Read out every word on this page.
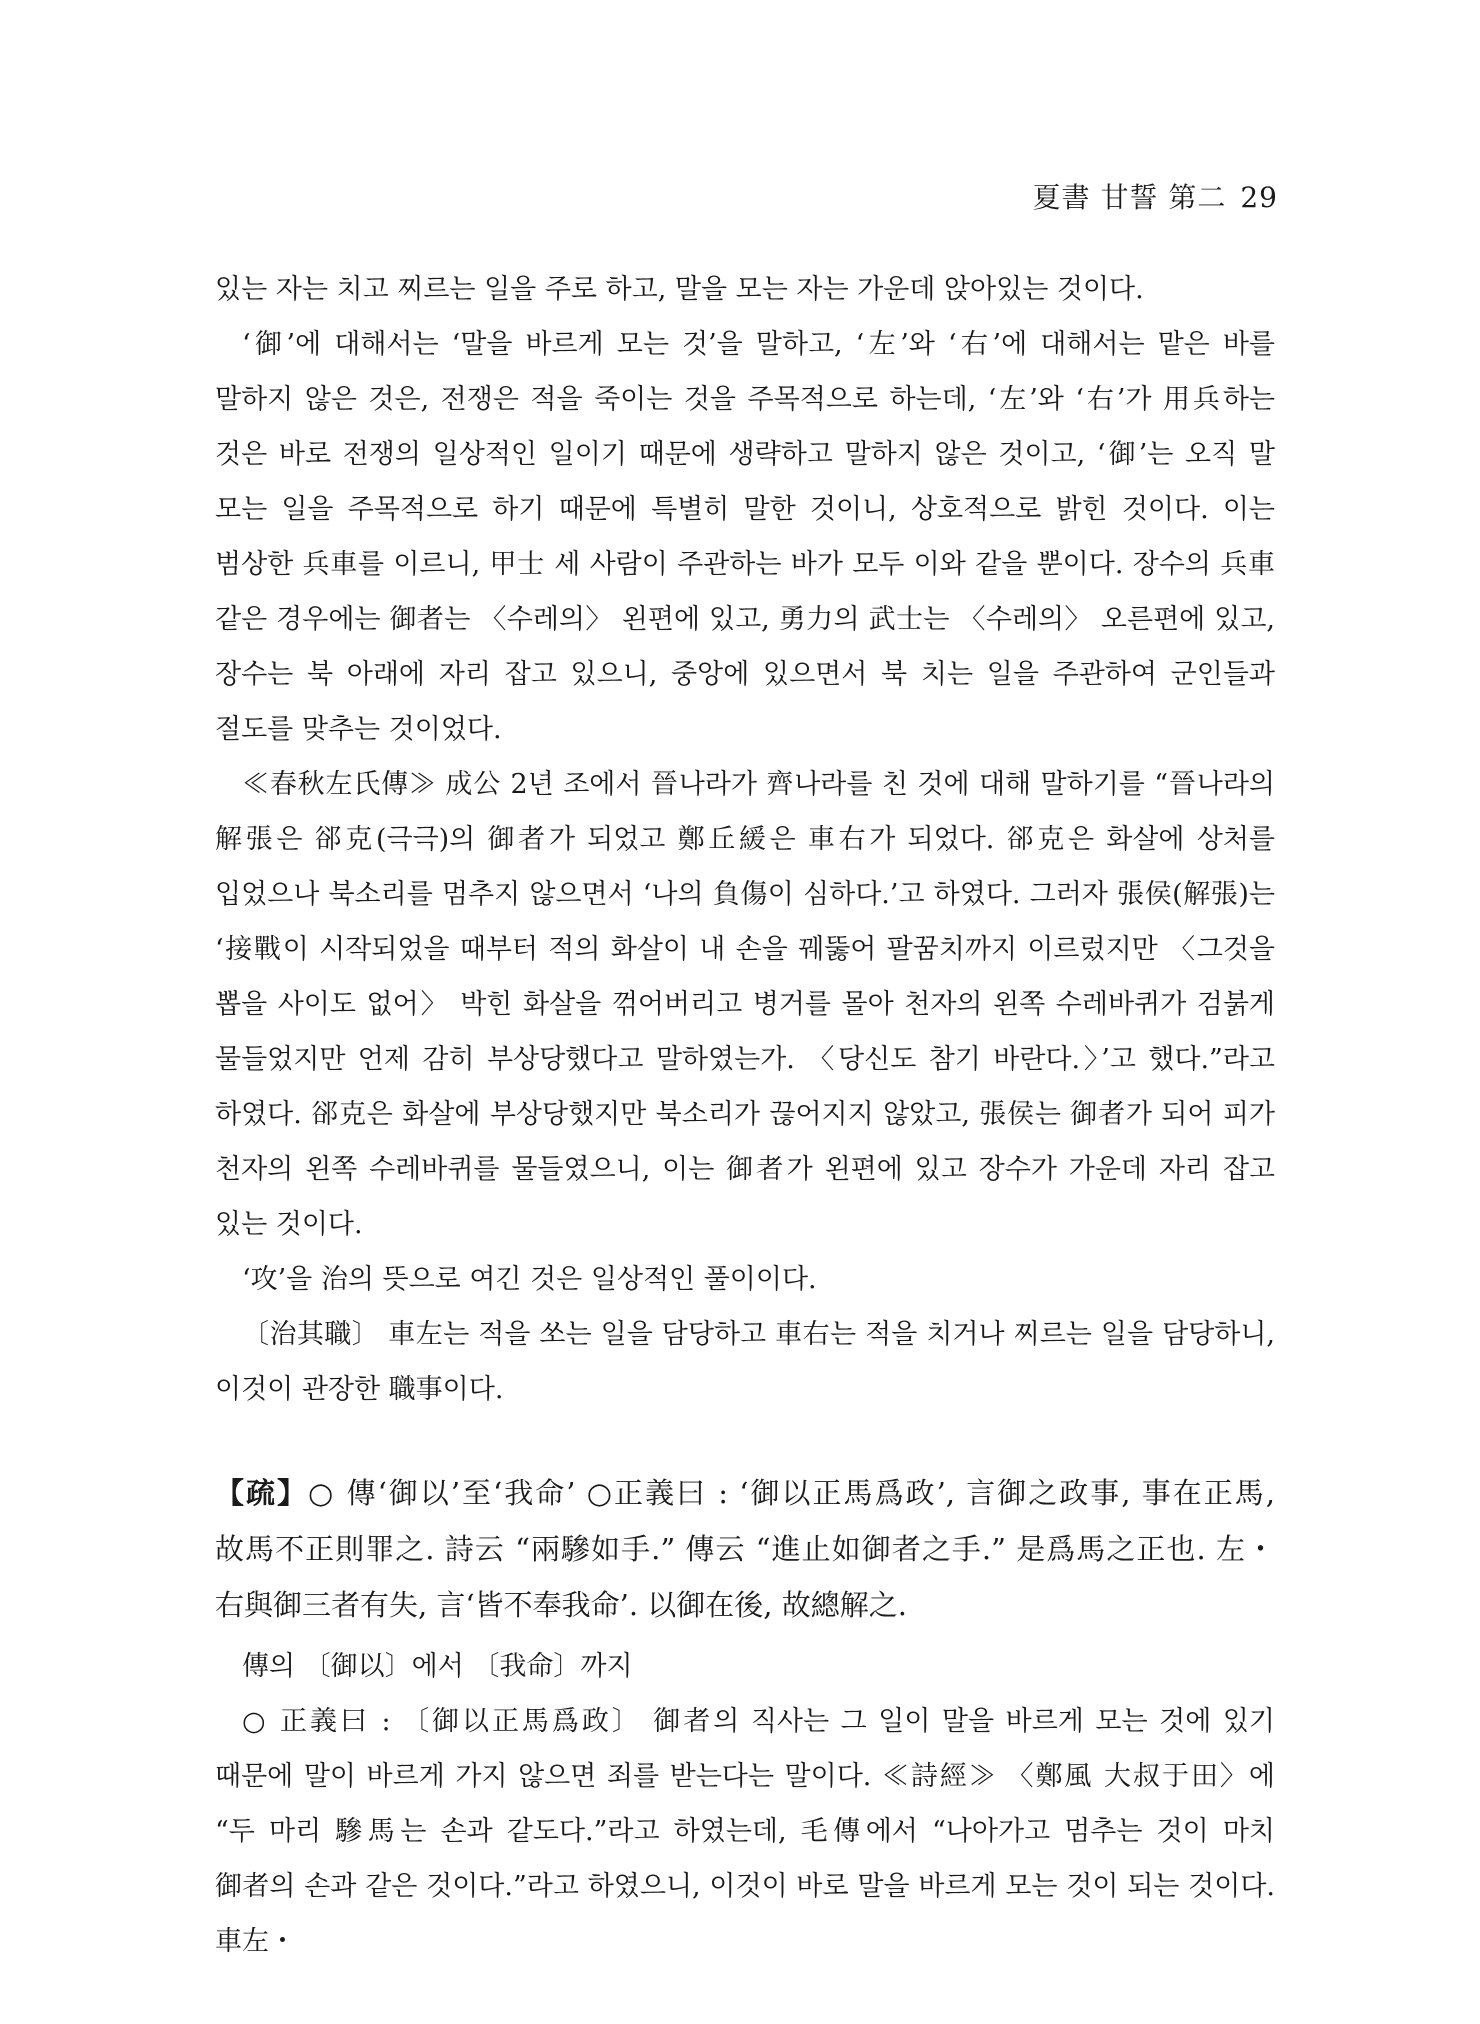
夏書 甘誓 第二 29

있는 자는 치고 찌르는 일을 주로 하고, 말을 모는 자는 가운데 앉아있는 것이다.

‘御’에 대해서는 ‘말을 바르게 모는 것’을 말하고, ‘左’와 ‘右’에 대해서는 맡은 바를 말하지 않은 것은, 전쟁은 적을 죽이는 것을 주목적으로 하는데, ‘左’와 ‘右’가 用兵하는 것은 바로 전쟁의 일상적인 일이기 때문에 생략하고 말하지 않은 것이고, ‘御’는 오직 말 모는 일을 주목적으로 하기 때문에 특별히 말한 것이니, 상호적으로 밝힌 것이다. 이는 범상한 兵車를 이르니, 甲士 세 사람이 주관하는 바가 모두 이와 같을 뿐이다. 장수의 兵車 같은 경우에는 御者는 〈수레의〉 왼편에 있고, 勇力의 武士는 〈수레의〉 오른편에 있고, 장수는 북 아래에 자리 잡고 있으니, 중앙에 있으면서 북 치는 일을 주관하여 군인들과 절도를 맞추는 것이었다.

≪春秋左氏傳≫ 成公 2년 조에서 晉나라가 齊나라를 친 것에 대해 말하기를 “晉나라의 解張은 郤克(극극)의 御者가 되었고 鄭丘緩은 車右가 되었다. 郤克은 화살에 상처를 입었으나 북소리를 멈추지 않으면서 ‘나의 負傷이 심하다.’고 하였다. 그러자 張侯(解張)는 ‘接戰이 시작되었을 때부터 적의 화살이 내 손을 꿰뚫어 팔꿈치까지 이르렀지만 〈그것을 뽑을 사이도 없어〉 박힌 화살을 꺾어버리고 병거를 몰아 천자의 왼쪽 수레바퀴가 검붉게 물들었지만 언제 감히 부상당했다고 말하였는가. 〈당신도 참기 바란다.〉’고 했다.”라고 하였다. 郤克은 화살에 부상당했지만 북소리가 끊어지지 않았고, 張侯는 御者가 되어 피가 천자의 왼쪽 수레바퀴를 물들였으니, 이는 御者가 왼편에 있고 장수가 가운데 자리 잡고 있는 것이다.

‘攻’을 治의 뜻으로 여긴 것은 일상적인 풀이이다.

〔治其職〕 車左는 적을 쏘는 일을 담당하고 車右는 적을 치거나 찌르는 일을 담당하니, 이것이 관장한 職事이다.

【疏】○ 傳‘御以’至‘我命’ ○正義曰 : ‘御以正馬爲政’, 言御之政事, 事在正馬, 故馬不正則罪之. 詩云 “兩驂如手.” 傳云 “進止如御者之手.” 是爲馬之正也. 左・右與御三者有失, 言‘皆不奉我命’. 以御在後, 故總解之.

傳의 〔御以〕에서 〔我命〕까지

○ 正義曰 : 〔御以正馬爲政〕 御者의 직사는 그 일이 말을 바르게 모는 것에 있기 때문에 말이 바르게 가지 않으면 죄를 받는다는 말이다. ≪詩經≫ 〈鄭風 大叔于田〉에 “두 마리 驂馬는 손과 같도다.”라고 하였는데, 毛傳에서 “나아가고 멈추는 것이 마치 御者의 손과 같은 것이다.”라고 하였으니, 이것이 바로 말을 바르게 모는 것이 되는 것이다. 車左・
